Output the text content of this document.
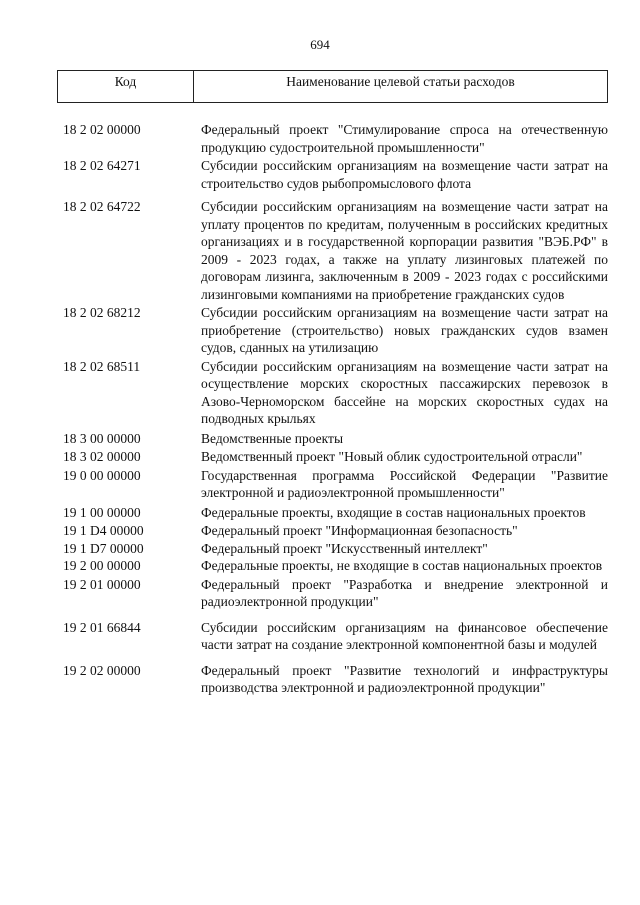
694
Код	Наименование целевой статьи расходов
18 2 02 00000	Федеральный проект "Стимулирование спроса на отечественную продукцию судостроительной промышленности"
18 2 02 64271	Субсидии российским организациям на возмещение части затрат на строительство судов рыбопромыслового флота
18 2 02 64722	Субсидии российским организациям на возмещение части затрат на уплату процентов по кредитам, полученным в российских кредитных организациях и в государственной корпорации развития "ВЭБ.РФ" в 2009 - 2023 годах, а также на уплату лизинговых платежей по договорам лизинга, заключенным в 2009 - 2023 годах с российскими лизинговыми компаниями на приобретение гражданских судов
18 2 02 68212	Субсидии российским организациям на возмещение части затрат на приобретение (строительство) новых гражданских судов взамен судов, сданных на утилизацию
18 2 02 68511	Субсидии российским организациям на возмещение части затрат на осуществление морских скоростных пассажирских перевозок в Азово-Черноморском бассейне на морских скоростных судах на подводных крыльях
18 3 00 00000	Ведомственные проекты
18 3 02 00000	Ведомственный проект "Новый облик судостроительной отрасли"
19 0 00 00000	Государственная программа Российской Федерации "Развитие электронной и радиоэлектронной промышленности"
19 1 00 00000	Федеральные проекты, входящие в состав национальных проектов
19 1 D4 00000	Федеральный проект "Информационная безопасность"
19 1 D7 00000	Федеральный проект "Искусственный интеллект"
19 2 00 00000	Федеральные проекты, не входящие в состав национальных проектов
19 2 01 00000	Федеральный проект "Разработка и внедрение электронной и радиоэлектронной продукции"
19 2 01 66844	Субсидии российским организациям на финансовое обеспечение части затрат на создание электронной компонентной базы и модулей
19 2 02 00000	Федеральный проект "Развитие технологий и инфраструктуры производства электронной и радиоэлектронной продукции"
